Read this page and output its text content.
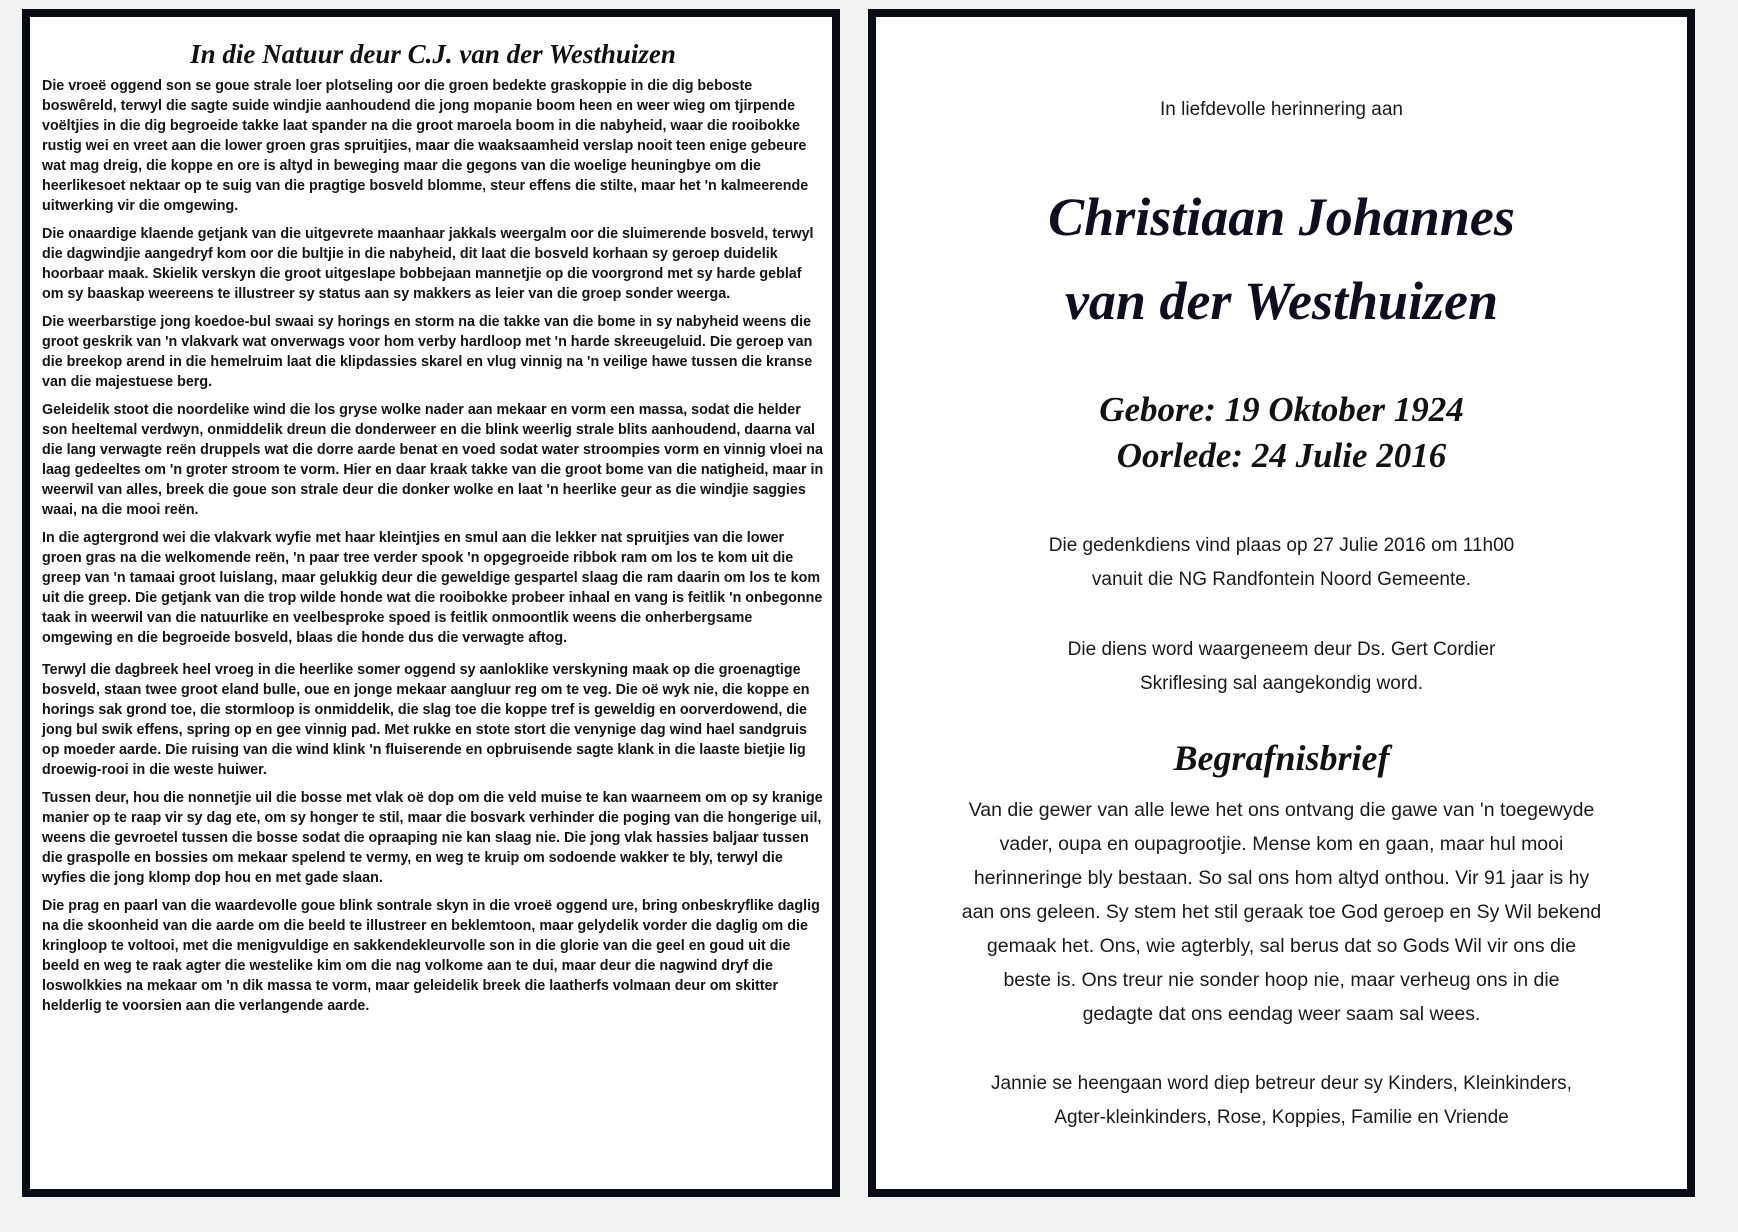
In die Natuur deur C.J. van der Westhuizen

Die vroeë oggend son se goue strale loer plotseling oor die groen bedekte graskoppie in die dig beboste boswêreld, terwyl die sagte suide windjie aanhoudend die jong mopanie boom heen en weer wieg om tjirpende voëltjies in die dig begroeide takke laat spander na die groot maroela boom in die nabyheid, waar die rooibokke rustig wei en vreet aan die lower groen gras spruitjies, maar die waaksaamheid verslap nooit teen enige gebeure wat mag dreig, die koppe en ore is altyd in beweging maar die gegons van die woelige heuningbye om die heerlikesoet nektaar op te suig van die pragtige bosveld blomme, steur effens die stilte, maar het 'n kalmeerende uitwerking vir die omgewing.

Die onaardige klaende getjank van die uitgevrete maanhaar jakkals weergalm oor die sluimerende bosveld, terwyl die dagwindjie aangedryf kom oor die bultjie in die nabyheid, dit laat die bosveld korhaan sy geroep duidelik hoorbaar maak. Skielik verskyn die groot uitgeslape bobbejaan mannetjie op die voorgrond met sy harde geblaf om sy baaskap weereens te illustreer sy status aan sy makkers as leier van die groep sonder weerga.

Die weerbarstige jong koedoe-bul swaai sy horings en storm na die takke van die bome in sy nabyheid weens die groot geskrik van 'n vlakvark wat onverwags voor hom verby hardloop met 'n harde skreeugeluid. Die geroep van die breekop arend in die hemelruim laat die klipdassies skarel en vlug vinnig na 'n veilige hawe tussen die kranse van die majestuese berg.

Geleidelik stoot die noordelike wind die los gryse wolke nader aan mekaar en vorm een massa, sodat die helder son heeltemal verdwyn, onmiddelik dreun die donderweer en die blink weerlig strale blits aanhoudend, daarna val die lang verwagte reën druppels wat die dorre aarde benat en voed sodat water stroompies vorm en vinnig vloei na laag gedeeltes om 'n groter stroom te vorm. Hier en daar kraak takke van die groot bome van die natigheid, maar in weerwil van alles, breek die goue son strale deur die donker wolke en laat 'n heerlike geur as die windjie saggies waai, na die mooi reën.

In die agtergrond wei die vlakvark wyfie met haar kleintjies en smul aan die lekker nat spruitjies van die lower groen gras na die welkomende reën, 'n paar tree verder spook 'n opgegroeide ribbok ram om los te kom uit die greep van 'n tamaai groot luislang, maar gelukkig deur die geweldige gespartel slaag die ram daarin om los te kom uit die greep. Die getjank van die trop wilde honde wat die rooibokke probeer inhaal en vang is feitlik 'n onbegonne taak in weerwil van die natuurlike en veelbesproke spoed is feitlik onmoontlik weens die onherbergsame omgewing en die begroeide bosveld, blaas die honde dus die verwagte aftog.

Terwyl die dagbreek heel vroeg in die heerlike somer oggend sy aanloklike verskyning maak op die groenagtige bosveld, staan twee groot eland bulle, oue en jonge mekaar aangluur reg om te veg. Die oë wyk nie, die koppe en horings sak grond toe, die stormloop is onmiddelik, die slag toe die koppe tref is geweldig en oorverdowend, die jong bul swik effens, spring op en gee vinnig pad. Met rukke en stote stort die venynige dag wind hael sandgruis op moeder aarde. Die ruising van die wind klink 'n fluiserende en opbruisende sagte klank in die laaste bietjie lig droewig-rooi in die weste huiwer.

Tussen deur, hou die nonnetjie uil die bosse met vlak oë dop om die veld muise te kan waarneem om op sy kranige manier op te raap vir sy dag ete, om sy honger te stil, maar die bosvark verhinder die poging van die hongerige uil, weens die gevroetel tussen die bosse sodat die opraaping nie kan slaag nie. Die jong vlak hassies baljaar tussen die graspolle en bossies om mekaar spelend te vermy, en weg te kruip om sodoende wakker te bly, terwyl die wyfies die jong klomp dop hou en met gade slaan.

Die prag en paarl van die waardevolle goue blink sontrale skyn in die vroeë oggend ure, bring onbeskryflike daglig na die skoonheid van die aarde om die beeld te illustreer en beklemtoon, maar gelydelik vorder die daglig om die kringloop te voltooi, met die menigvuldige en sakkendekleurvolle son in die glorie van die geel en goud uit die beeld en weg te raak agter die westelike kim om die nag volkome aan te dui, maar deur die nagwind dryf die loswolkkies na mekaar om 'n dik massa te vorm, maar geleidelik breek die laatherfs volmaan deur om skitter helderlig te voorsien aan die verlangende aarde.

In liefdevolle herinnering aan
Christiaan Johannes
van der Westhuizen
Gebore: 19 Oktober 1924
Oorlede: 24 Julie 2016
Die gedenkdiens vind plaas op 27 Julie 2016 om 11h00
vanuit die NG Randfontein Noord Gemeente.
Die diens word waargeneem deur Ds. Gert Cordier
Skriflesing sal aangekondig word.
Begrafnisbrief
Van die gewer van alle lewe het ons ontvang die gawe van 'n toegewyde
vader, oupa en oupagrootjie. Mense kom en gaan, maar hul mooi
herinneringe bly bestaan. So sal ons hom altyd onthou. Vir 91 jaar is hy
aan ons geleen. Sy stem het stil geraak toe God geroep en Sy Wil bekend
gemaak het. Ons, wie agterbly, sal berus dat so Gods Wil vir ons die
beste is. Ons treur nie sonder hoop nie, maar verheug ons in die
gedagte dat ons eendag weer saam sal wees.
Jannie se heengaan word diep betreur deur sy Kinders, Kleinkinders,
Agter-kleinkinders, Rose, Koppies, Familie en Vriende
